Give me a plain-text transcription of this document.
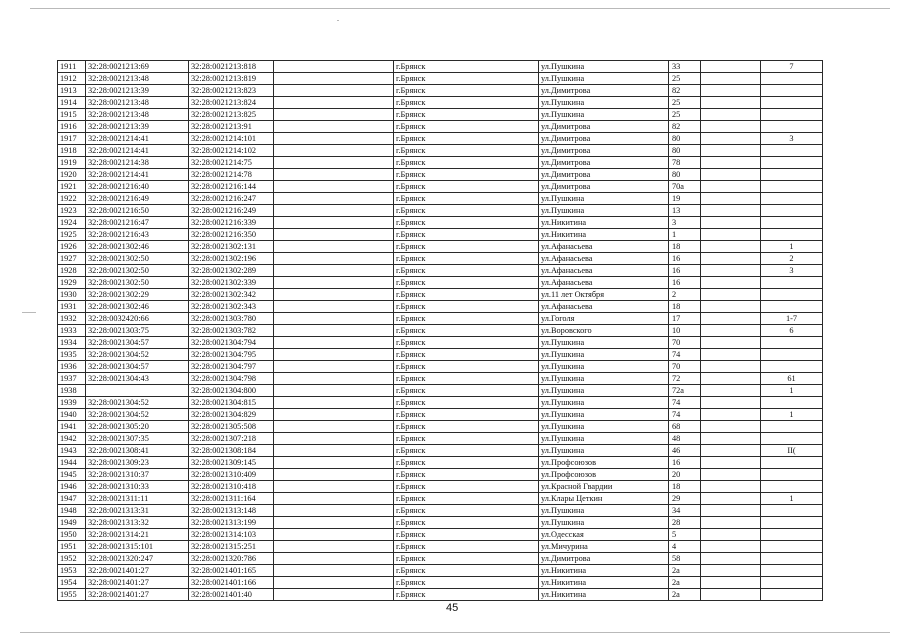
1911	32:28:0021213:69	32:28:0021213:818		г.Брянск	ул.Пушкина	33		7
1912	32:28:0021213:48	32:28:0021213:819		г.Брянск	ул.Пушкина	25		
1913	32:28:0021213:39	32:28:0021213:823		г.Брянск	ул.Димитрова	82		
1914	32:28:0021213:48	32:28:0021213:824		г.Брянск	ул.Пушкина	25		
1915	32:28:0021213:48	32:28:0021213:825		г.Брянск	ул.Пушкина	25		
1916	32:28:0021213:39	32:28:0021213:91		г.Брянск	ул.Димитрова	82		
1917	32:28:0021214:41	32:28:0021214:101		г.Брянск	ул.Димитрова	80		3
1918	32:28:0021214:41	32:28:0021214:102		г.Брянск	ул.Димитрова	80		
1919	32:28:0021214:38	32:28:0021214:75		г.Брянск	ул.Димитрова	78		
1920	32:28:0021214:41	32:28:0021214:78		г.Брянск	ул.Димитрова	80		
1921	32:28:0021216:40	32:28:0021216:144		г.Брянск	ул.Димитрова	70а		
1922	32:28:0021216:49	32:28:0021216:247		г.Брянск	ул.Пушкина	19		
1923	32:28:0021216:50	32:28:0021216:249		г.Брянск	ул.Пушкина	13		
1924	32:28:0021216:47	32:28:0021216:339		г.Брянск	ул.Никитина	3		
1925	32:28:0021216:43	32:28:0021216:350		г.Брянск	ул.Никитина	1		
1926	32:28:0021302:46	32:28:0021302:131		г.Брянск	ул.Афанасьева	18		1
1927	32:28:0021302:50	32:28:0021302:196		г.Брянск	ул.Афанасьева	16		2
1928	32:28:0021302:50	32:28:0021302:289		г.Брянск	ул.Афанасьева	16		3
1929	32:28:0021302:50	32:28:0021302:339		г.Брянск	ул.Афанасьева	16		
1930	32:28:0021302:29	32:28:0021302:342		г.Брянск	ул.11 лет Октября	2		
1931	32:28:0021302:46	32:28:0021302:343		г.Брянск	ул.Афанасьева	18		
1932	32:28:0032420:66	32:28:0021303:780		г.Брянск	ул.Гоголя	17		1-7
1933	32:28:0021303:75	32:28:0021303:782		г.Брянск	ул.Воровского	10		6
1934	32:28:0021304:57	32:28:0021304:794		г.Брянск	ул.Пушкина	70		
1935	32:28:0021304:52	32:28:0021304:795		г.Брянск	ул.Пушкина	74		
1936	32:28:0021304:57	32:28:0021304:797		г.Брянск	ул.Пушкина	70		
1937	32:28:0021304:43	32:28:0021304:798		г.Брянск	ул.Пушкина	72		61
1938		32:28:0021304:800		г.Брянск	ул.Пушкина	72а		1
1939	32:28:0021304:52	32:28:0021304:815		г.Брянск	ул.Пушкина	74		
1940	32:28:0021304:52	32:28:0021304:829		г.Брянск	ул.Пушкина	74		1
1941	32:28:0021305:20	32:28:0021305:508		г.Брянск	ул.Пушкина	68		
1942	32:28:0021307:35	32:28:0021307:218		г.Брянск	ул.Пушкина	48		
1943	32:28:0021308:41	32:28:0021308:184		г.Брянск	ул.Пушкина	46		II(
1944	32:28:0021309:23	32:28:0021309:145		г.Брянск	ул.Профсоюзов	16		
1945	32:28:0021310:37	32:28:0021310:409		г.Брянск	ул.Профсоюзов	20		
1946	32:28:0021310:33	32:28:0021310:418		г.Брянск	ул.Красной Гвардии	18		
1947	32:28:0021311:11	32:28:0021311:164		г.Брянск	ул.Клары Цеткин	29		1
1948	32:28:0021313:31	32:28:0021313:148		г.Брянск	ул.Пушкина	34		
1949	32:28:0021313:32	32:28:0021313:199		г.Брянск	ул.Пушкина	28		
1950	32:28:0021314:21	32:28:0021314:103		г.Брянск	ул.Одесская	5		
1951	32:28:0021315:101	32:28:0021315:251		г.Брянск	ул.Мичурина	4		
1952	32:28:0021320:247	32:28:0021320:786		г.Брянск	ул.Димитрова	58		
1953	32:28:0021401:27	32:28:0021401:165		г.Брянск	ул.Никитина	2а		
1954	32:28:0021401:27	32:28:0021401:166		г.Брянск	ул.Никитина	2а		
1955	32:28:0021401:27	32:28:0021401:40		г.Брянск	ул.Никитина	2а		
45
